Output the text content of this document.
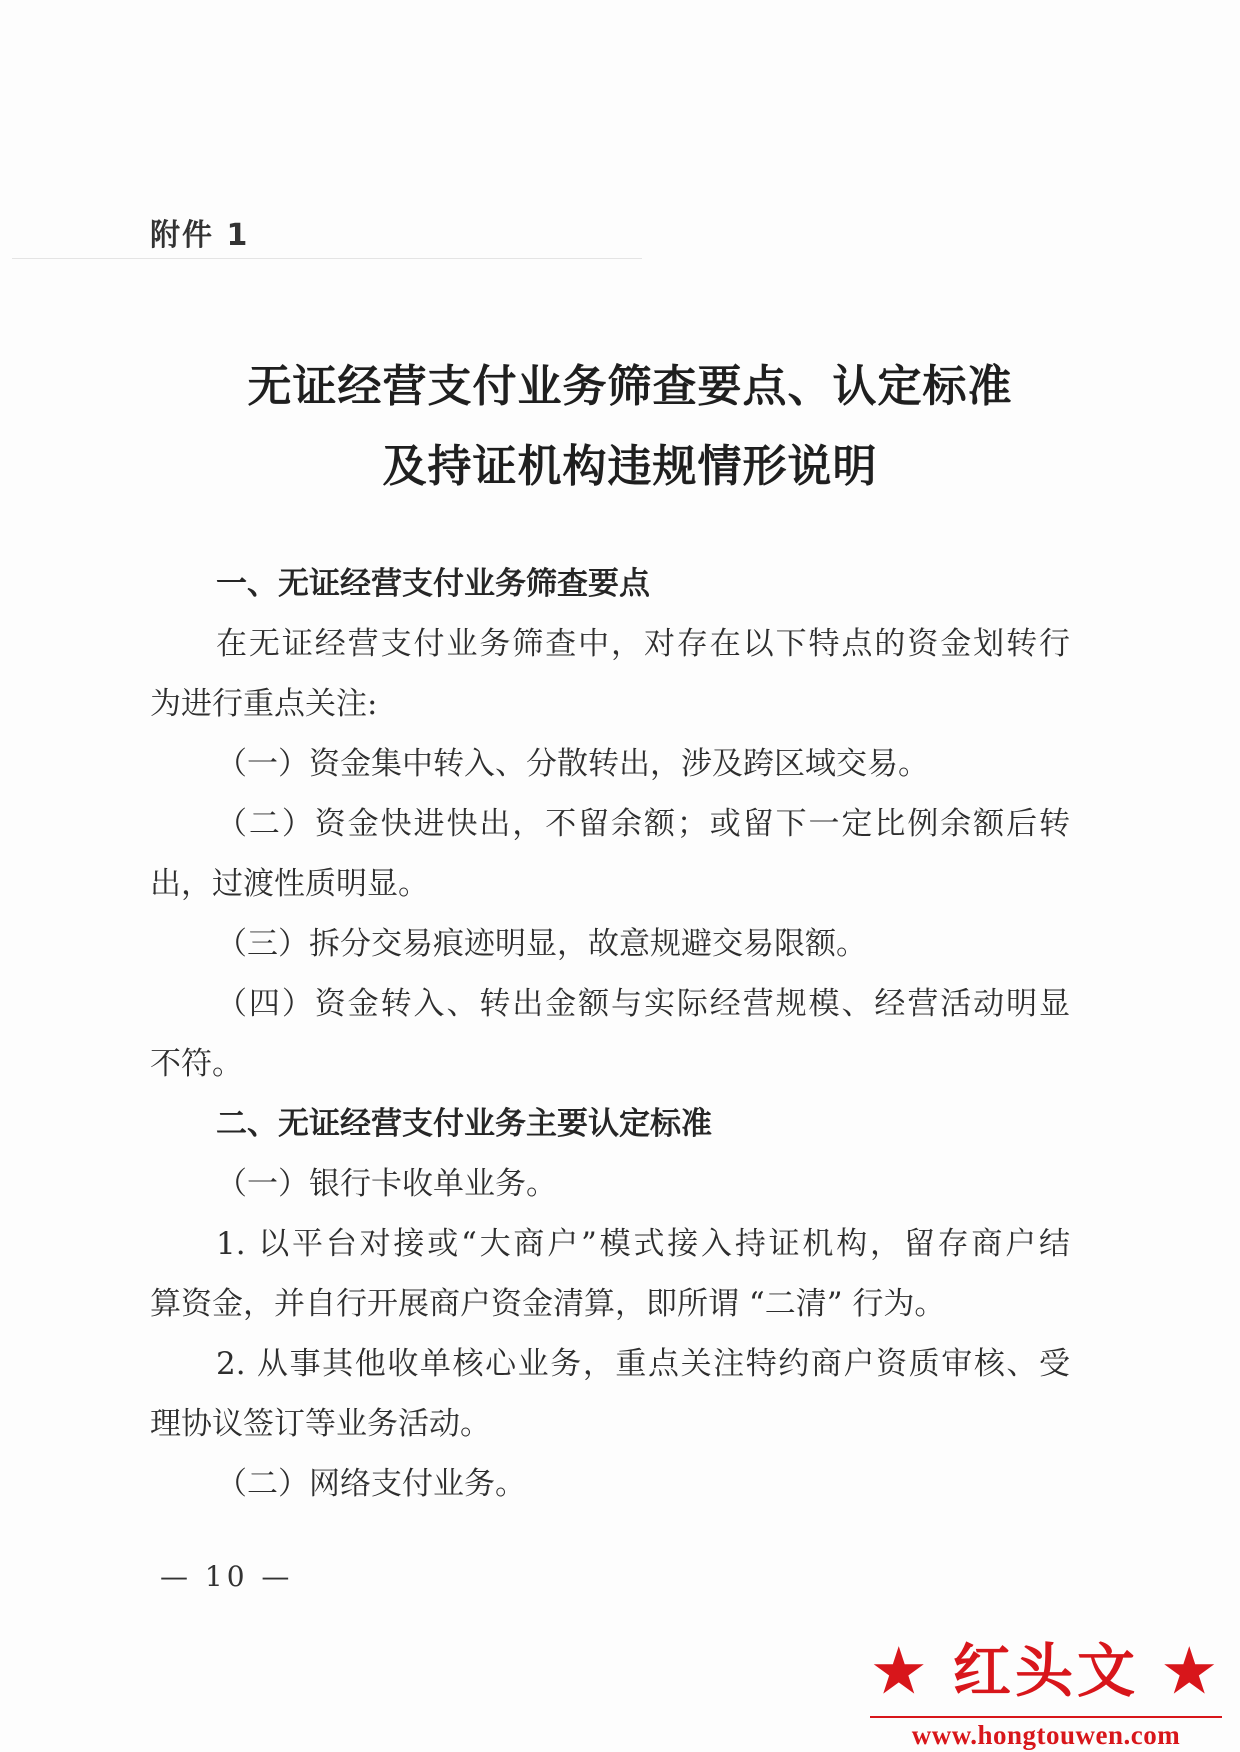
附件 1
无证经营支付业务筛查要点、认定标准
及持证机构违规情形说明
一、无证经营支付业务筛查要点
在无证经营支付业务筛查中，对存在以下特点的资金划转行
为进行重点关注:
（一）资金集中转入、分散转出，涉及跨区域交易。
（二）资金快进快出，不留余额；或留下一定比例余额后转
出，过渡性质明显。
（三）拆分交易痕迹明显，故意规避交易限额。
（四）资金转入、转出金额与实际经营规模、经营活动明显
不符。
二、无证经营支付业务主要认定标准
（一）银行卡收单业务。
1. 以平台对接或“大商户”模式接入持证机构，留存商户结
算资金，并自行开展商户资金清算，即所谓 “二清” 行为。
2. 从事其他收单核心业务，重点关注特约商户资质审核、受
理协议签订等业务活动。
（二）网络支付业务。
— 10 —
★ 红头文 ★
www.hongtouwen.com
